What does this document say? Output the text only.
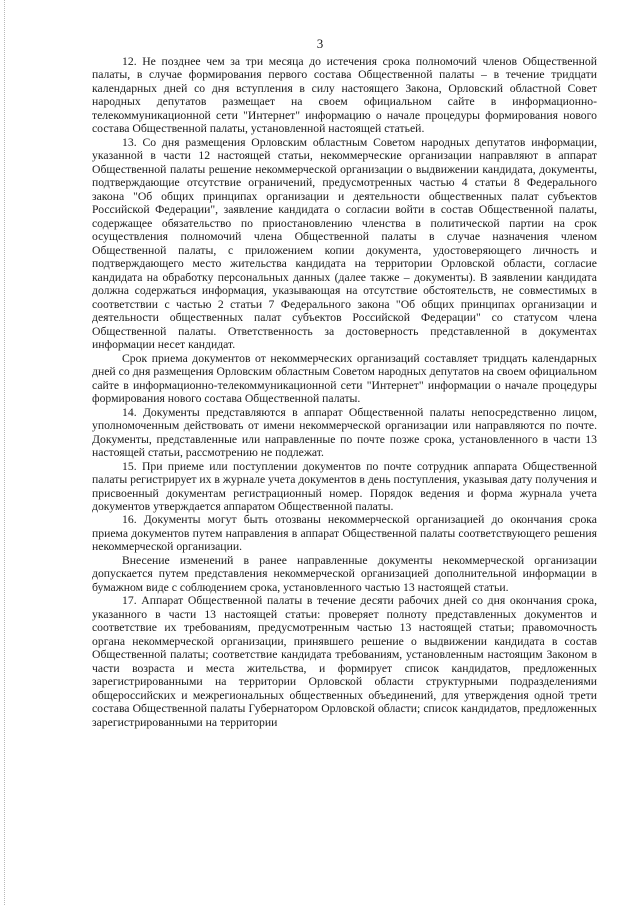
3

12. Не позднее чем за три месяца до истечения срока полномочий членов Общественной палаты, в случае формирования первого состава Общественной палаты – в течение тридцати календарных дней со дня вступления в силу настоящего Закона, Орловский областной Совет народных депутатов размещает на своем официальном сайте в информационно-телекоммуникационной сети "Интернет" информацию о начале процедуры формирования нового состава Общественной палаты, установленной настоящей статьей.

13. Со дня размещения Орловским областным Советом народных депутатов информации, указанной в части 12 настоящей статьи, некоммерческие организации направляют в аппарат Общественной палаты решение некоммерческой организации о выдвижении кандидата, документы, подтверждающие отсутствие ограничений, предусмотренных частью 4 статьи 8 Федерального закона "Об общих принципах организации и деятельности общественных палат субъектов Российской Федерации", заявление кандидата о согласии войти в состав Общественной палаты, содержащее обязательство по приостановлению членства в политической партии на срок осуществления полномочий члена Общественной палаты в случае назначения членом Общественной палаты, с приложением копии документа, удостоверяющего личность и подтверждающего место жительства кандидата на территории Орловской области, согласие кандидата на обработку персональных данных (далее также – документы). В заявлении кандидата должна содержаться информация, указывающая на отсутствие обстоятельств, не совместимых в соответствии с частью 2 статьи 7 Федерального закона "Об общих принципах организации и деятельности общественных палат субъектов Российской Федерации" со статусом члена Общественной палаты. Ответственность за достоверность представленной в документах информации несет кандидат.

Срок приема документов от некоммерческих организаций составляет тридцать календарных дней со дня размещения Орловским областным Советом народных депутатов на своем официальном сайте в информационно-телекоммуникационной сети "Интернет" информации о начале процедуры формирования нового состава Общественной палаты.

14. Документы представляются в аппарат Общественной палаты непосредственно лицом, уполномоченным действовать от имени некоммерческой организации или направляются по почте. Документы, представленные или направленные по почте позже срока, установленного в части 13 настоящей статьи, рассмотрению не подлежат.

15. При приеме или поступлении документов по почте сотрудник аппарата Общественной палаты регистрирует их в журнале учета документов в день поступления, указывая дату получения и присвоенный документам регистрационный номер. Порядок ведения и форма журнала учета документов утверждается аппаратом Общественной палаты.

16. Документы могут быть отозваны некоммерческой организацией до окончания срока приема документов путем направления в аппарат Общественной палаты соответствующего решения некоммерческой организации.

Внесение изменений в ранее направленные документы некоммерческой организации допускается путем представления некоммерческой организацией дополнительной информации в бумажном виде с соблюдением срока, установленного частью 13 настоящей статьи.

17. Аппарат Общественной палаты в течение десяти рабочих дней со дня окончания срока, указанного в части 13 настоящей статьи: проверяет полноту представленных документов и соответствие их требованиям, предусмотренным частью 13 настоящей статьи; правомочность органа некоммерческой организации, принявшего решение о выдвижении кандидата в состав Общественной палаты; соответствие кандидата требованиям, установленным настоящим Законом в части возраста и места жительства, и формирует список кандидатов, предложенных зарегистрированными на территории Орловской области структурными подразделениями общероссийских и межрегиональных общественных объединений, для утверждения одной трети состава Общественной палаты Губернатором Орловской области; список кандидатов, предложенных зарегистрированными на территории
